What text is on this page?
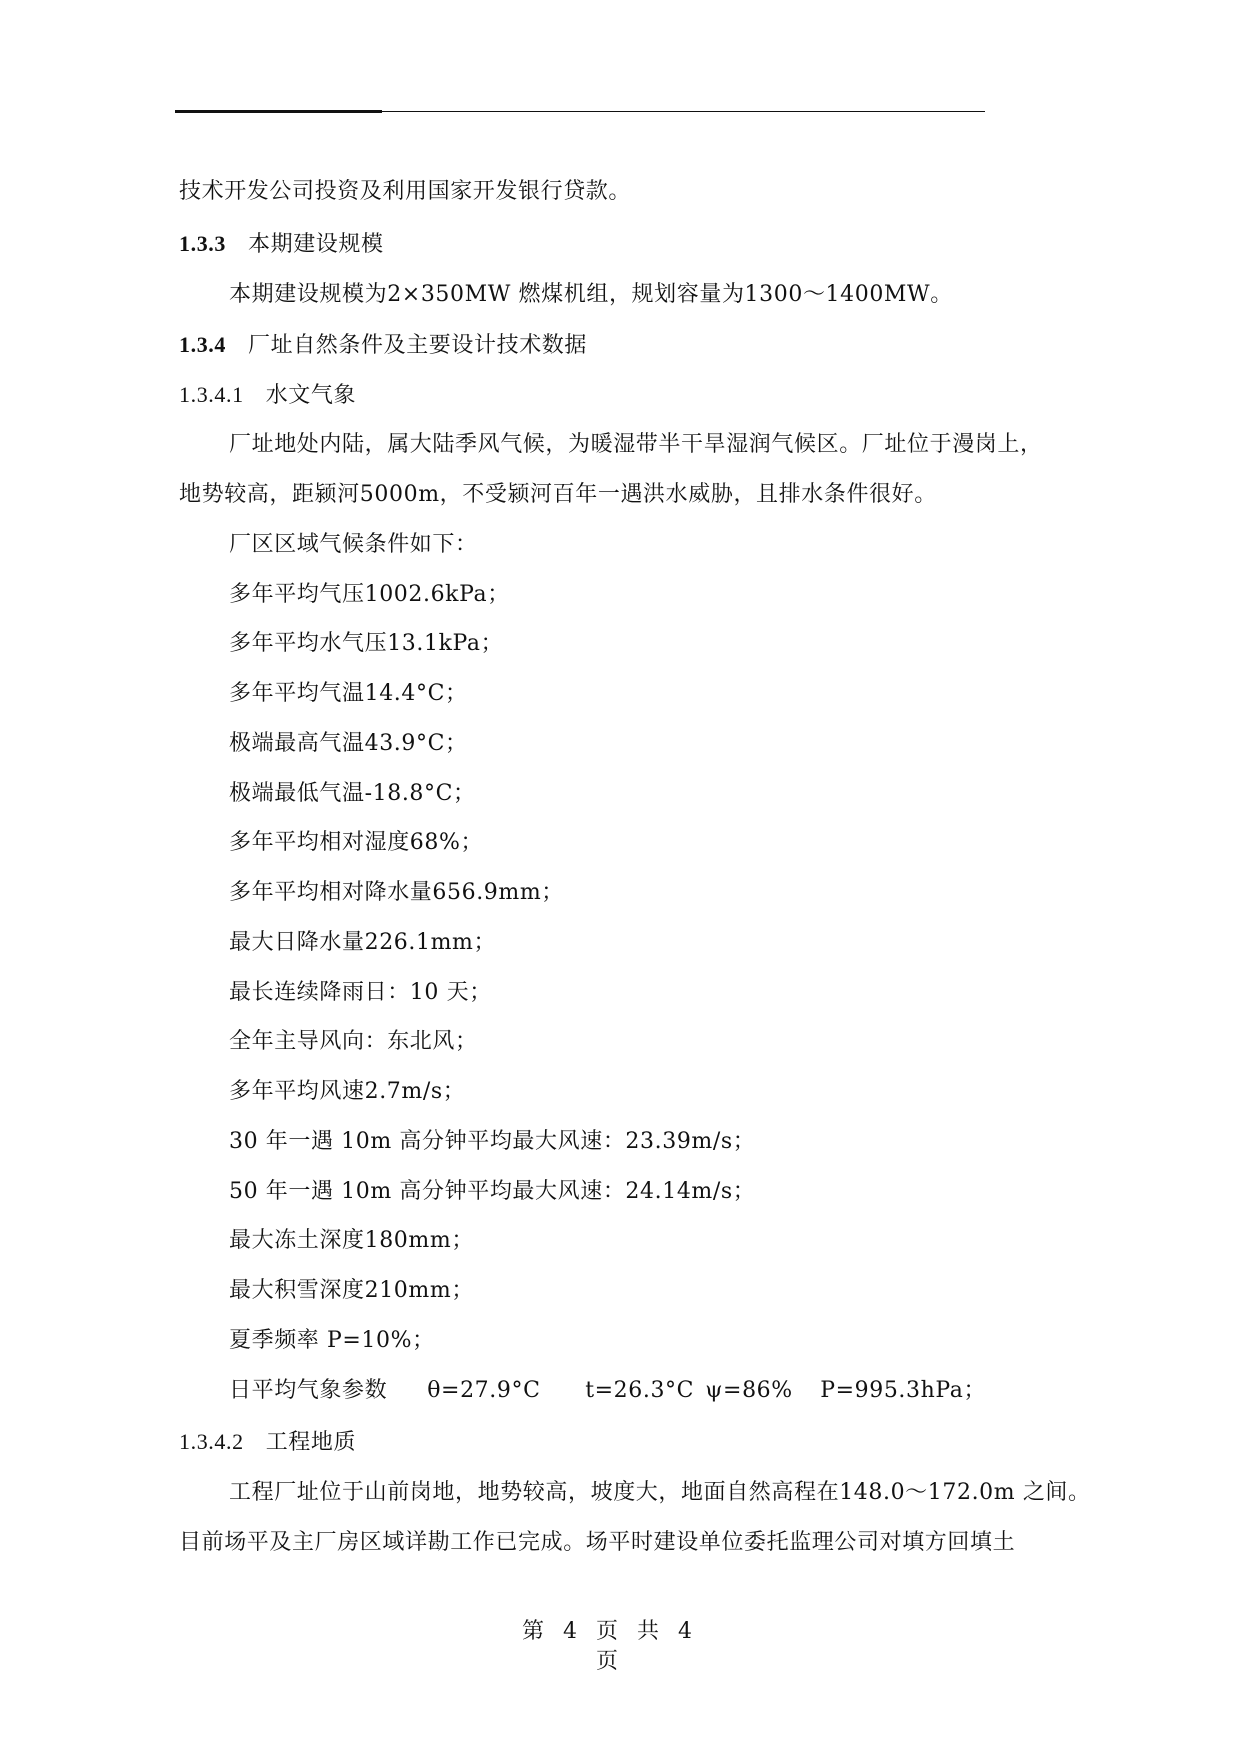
技术开发公司投资及利用国家开发银行贷款。
1.3.3 本期建设规模
本期建设规模为2×350MW 燃煤机组，规划容量为1300～1400MW。
1.3.4 厂址自然条件及主要设计技术数据
1.3.4.1 水文气象
厂址地处内陆，属大陆季风气候，为暖湿带半干旱湿润气候区。厂址位于漫岗上，
地势较高，距颍河5000m，不受颍河百年一遇洪水威胁，且排水条件很好。
厂区区域气候条件如下：
多年平均气压1002.6kPa；
多年平均水气压13.1kPa；
多年平均气温14.4°C；
极端最高气温43.9°C；
极端最低气温-18.8°C；
多年平均相对湿度68%；
多年平均相对降水量656.9mm；
最大日降水量226.1mm；
最长连续降雨日：10 天；
全年主导风向：东北风；
多年平均风速2.7m/s；
30 年一遇 10m 高分钟平均最大风速：23.39m/s；
50 年一遇 10m 高分钟平均最大风速：24.14m/s；
最大冻土深度180mm；
最大积雪深度210mm；
夏季频率 P=10%；
日平均气象参数 θ=27.9°C t=26.3°C ψ=86% P=995.3hPa；
1.3.4.2 工程地质
工程厂址位于山前岗地，地势较高，坡度大，地面自然高程在148.0～172.0m 之间。
目前场平及主厂房区域详勘工作已完成。场平时建设单位委托监理公司对填方回填土
第 4 页 共 4
页
